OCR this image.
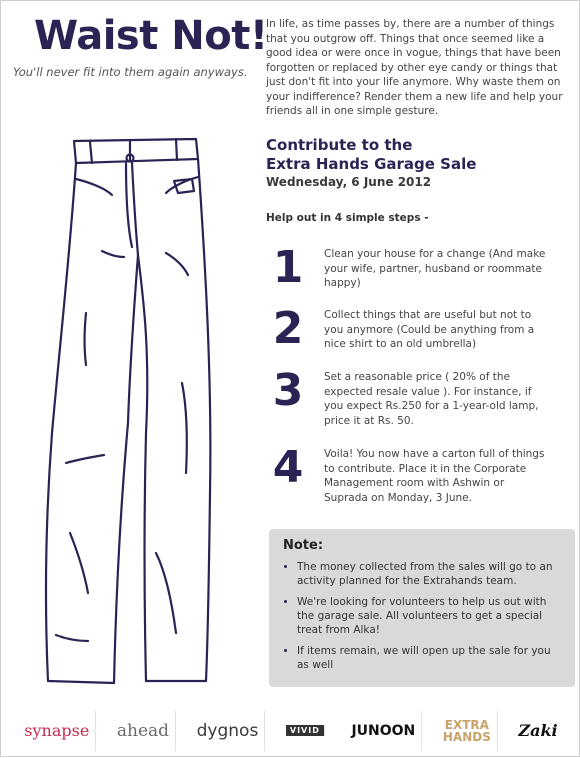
Waist Not!

You'll never fit into them again anyways.

In life, as time passes by, there are a number of things that you outgrow off. Things that once seemed like a good idea or were once in vogue, things that have been forgotten or replaced by other eye candy or things that just don't fit into your life anymore. Why waste them on your indifference? Render them a new life and help your friends all in one simple gesture.

Contribute to the
Extra Hands Garage Sale

Wednesday, 6 June 2012

Help out in 4 simple steps -

1	Clean your house for a change (And make your wife, partner, husband or roommate happy)
2	Collect things that are useful but not to you anymore (Could be anything from a nice shirt to an old umbrella)
3	Set a reasonable price ( 20% of the expected resale value ). For instance, if you expect Rs.250 for a 1-year-old lamp, price it at Rs. 50.
4	Voila! You now have a carton full of things to contribute. Place it in the Corporate Management room with Ashwin or Suprada on Monday, 3 June.

Note:

• The money collected from the sales will go to an activity planned for the Extrahands team.
• We're looking for volunteers to help us out with the garage sale. All volunteers to get a special treat from Alka!
• If items remain, we will open up the sale for you as well
synapse	ahead	dygnos	VIVID	JUNOON	EXTRA
HANDS	Zaki
